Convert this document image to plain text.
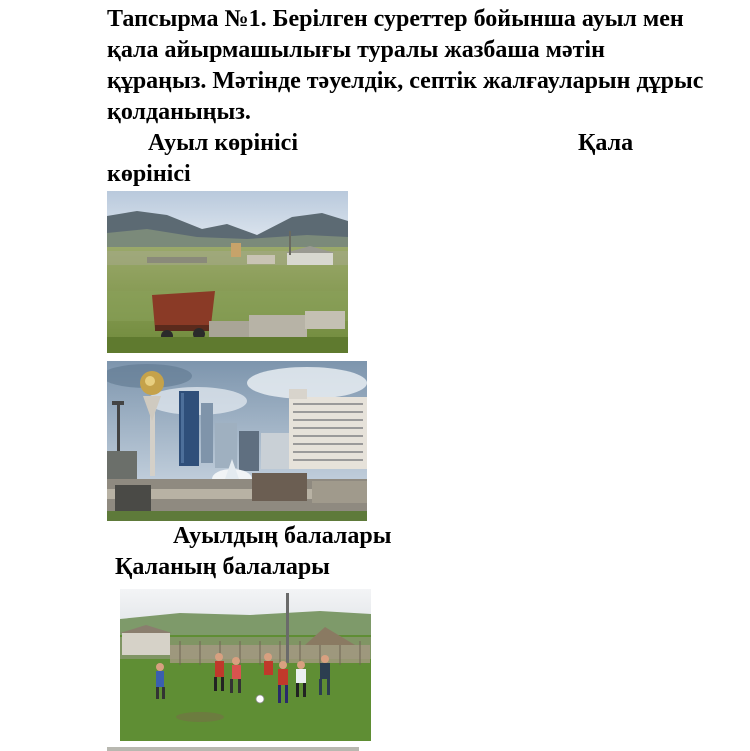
Тапсырма №1. Берілген суреттер бойынша ауыл мен қала айырмашылығы туралы жазбаша мәтін құраңыз. Мәтінде тәуелдік, септік жалғауларын дұрыс қолданыңыз.

Ауыл көрінісі	Қала
көрінісі
Ауылдың балалары
Қаланың балалары
